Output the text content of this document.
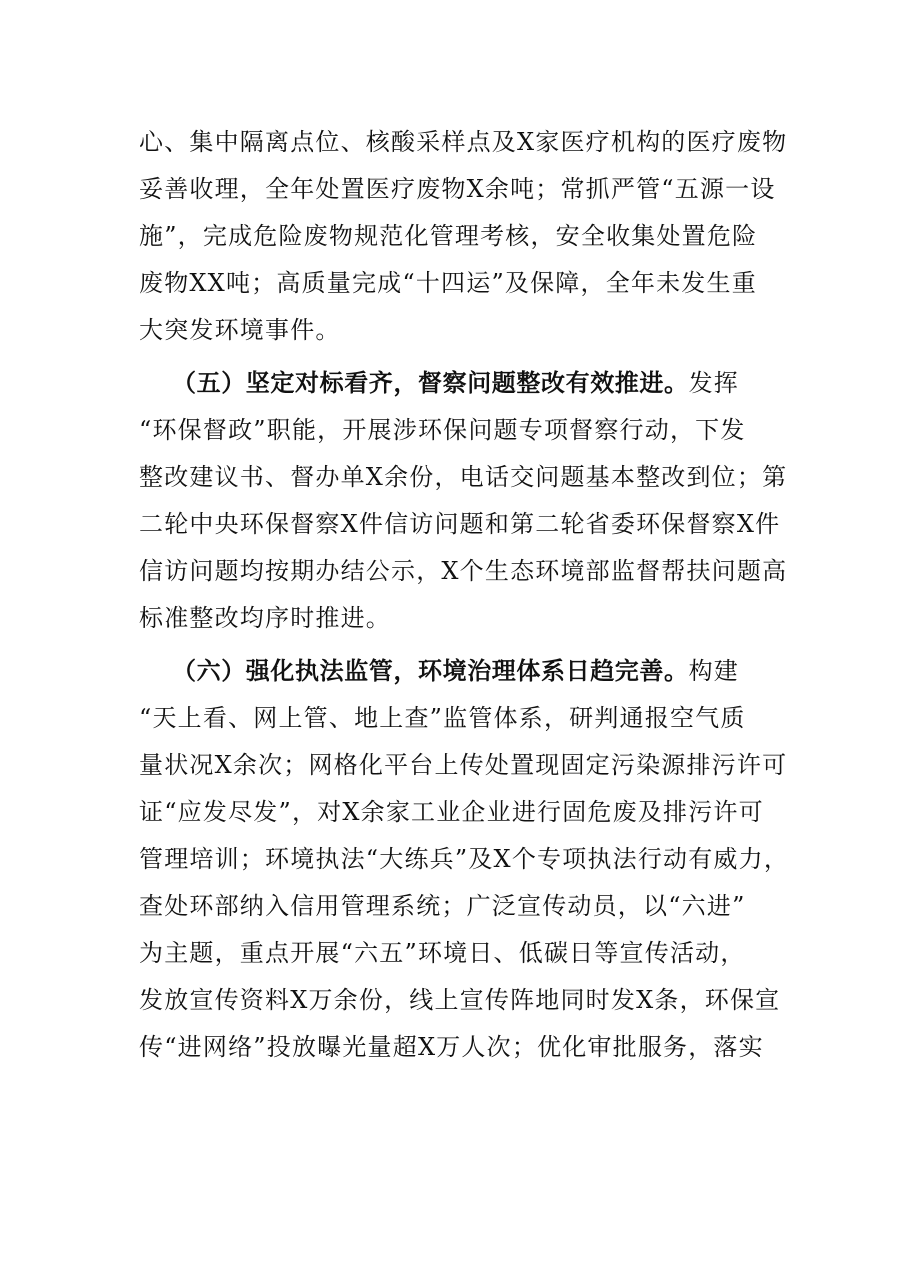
心、集中隔离点位、核酸采样点及X家医疗机构的医疗废物
妥善收理，全年处置医疗废物X余吨；常抓严管“五源一设
施”，完成危险废物规范化管理考核，安全收集处置危险
废物XX吨；高质量完成“十四运”及保障，全年未发生重
大突发环境事件。
（五）坚定对标看齐，督察问题整改有效推进。发挥
“环保督政”职能，开展涉环保问题专项督察行动，下发
整改建议书、督办单X余份，电话交问题基本整改到位；第
二轮中央环保督察X件信访问题和第二轮省委环保督察X件
信访问题均按期办结公示，X个生态环境部监督帮扶问题高
标准整改均序时推进。
（六）强化执法监管，环境治理体系日趋完善。构建
“天上看、网上管、地上查”监管体系，研判通报空气质
量状况X余次；网格化平台上传处置现固定污染源排污许可
证“应发尽发”，对X余家工业企业进行固危废及排污许可
管理培训；环境执法“大练兵”及X个专项执法行动有威力，
查处环部纳入信用管理系统；广泛宣传动员，以“六进”
为主题，重点开展“六五”环境日、低碳日等宣传活动，
发放宣传资料X万余份，线上宣传阵地同时发X条，环保宣
传“进网络”投放曝光量超X万人次；优化审批服务，落实
